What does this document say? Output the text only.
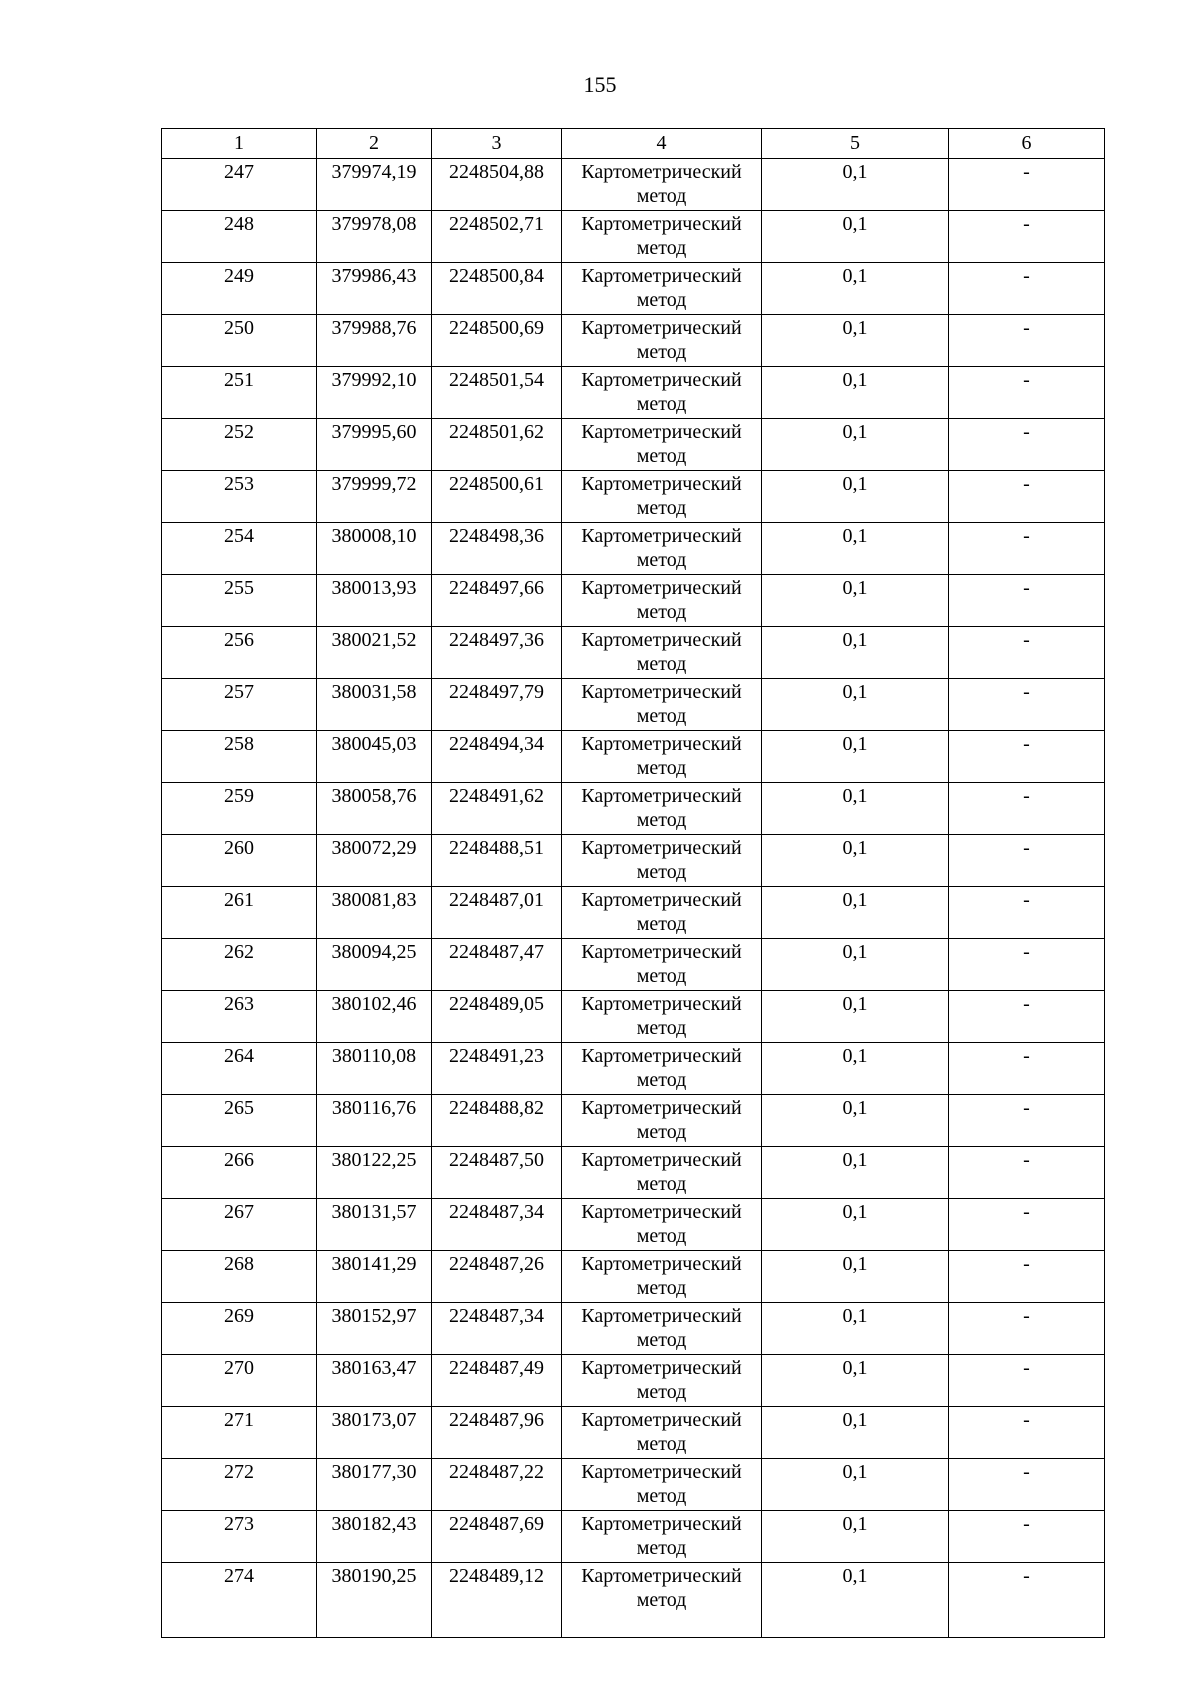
155
1	2	3	4	5	6
247	379974,19	2248504,88	Картометрический метод	0,1	-
248	379978,08	2248502,71	Картометрический метод	0,1	-
249	379986,43	2248500,84	Картометрический метод	0,1	-
250	379988,76	2248500,69	Картометрический метод	0,1	-
251	379992,10	2248501,54	Картометрический метод	0,1	-
252	379995,60	2248501,62	Картометрический метод	0,1	-
253	379999,72	2248500,61	Картометрический метод	0,1	-
254	380008,10	2248498,36	Картометрический метод	0,1	-
255	380013,93	2248497,66	Картометрический метод	0,1	-
256	380021,52	2248497,36	Картометрический метод	0,1	-
257	380031,58	2248497,79	Картометрический метод	0,1	-
258	380045,03	2248494,34	Картометрический метод	0,1	-
259	380058,76	2248491,62	Картометрический метод	0,1	-
260	380072,29	2248488,51	Картометрический метод	0,1	-
261	380081,83	2248487,01	Картометрический метод	0,1	-
262	380094,25	2248487,47	Картометрический метод	0,1	-
263	380102,46	2248489,05	Картометрический метод	0,1	-
264	380110,08	2248491,23	Картометрический метод	0,1	-
265	380116,76	2248488,82	Картометрический метод	0,1	-
266	380122,25	2248487,50	Картометрический метод	0,1	-
267	380131,57	2248487,34	Картометрический метод	0,1	-
268	380141,29	2248487,26	Картометрический метод	0,1	-
269	380152,97	2248487,34	Картометрический метод	0,1	-
270	380163,47	2248487,49	Картометрический метод	0,1	-
271	380173,07	2248487,96	Картометрический метод	0,1	-
272	380177,30	2248487,22	Картометрический метод	0,1	-
273	380182,43	2248487,69	Картометрический метод	0,1	-
274	380190,25	2248489,12	Картометрический метод	0,1	-
